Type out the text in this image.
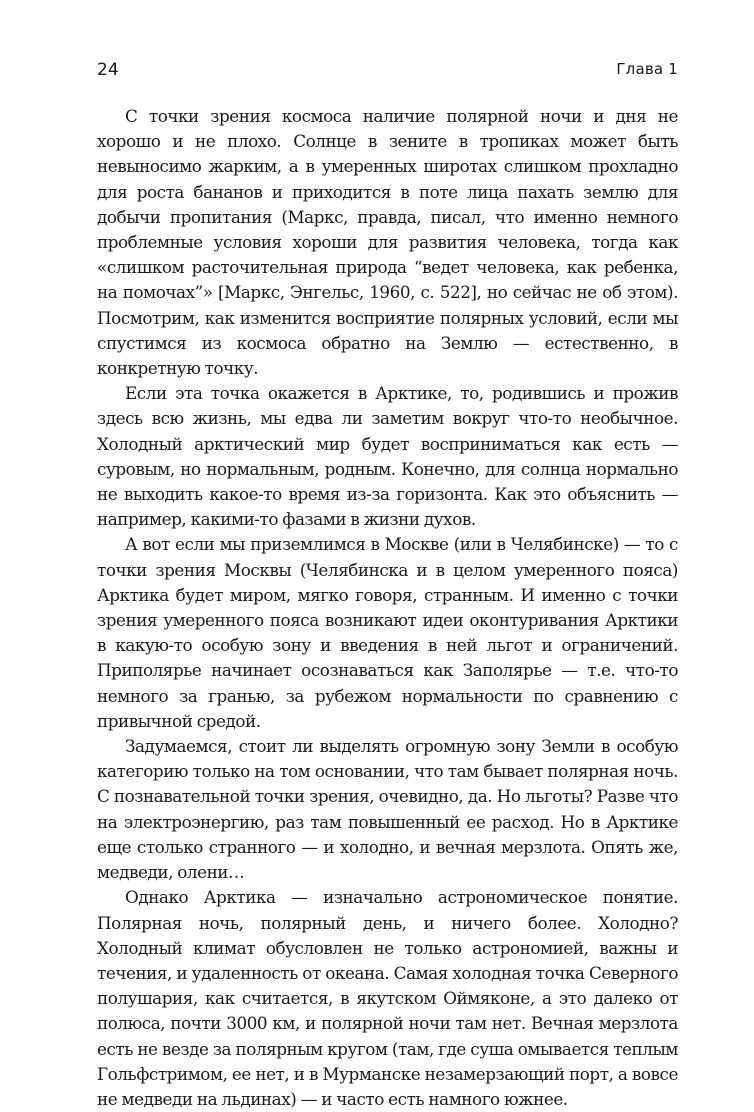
24	Глава 1

С точки зрения космоса наличие полярной ночи и дня не хорошо и не плохо. Солнце в зените в тропиках может быть невыносимо жарким, а в умеренных широтах слишком прохладно для роста бананов и приходится в поте лица пахать землю для добычи пропитания (Маркс, правда, писал, что именно немного проблемные условия хороши для развития человека, тогда как «слишком расточительная природа “ведет человека, как ребенка, на помочах”» [Маркс, Энгельс, 1960, с. 522], но сейчас не об этом). Посмотрим, как изменится восприятие полярных условий, если мы спустимся из космоса обратно на Землю — естественно, в конкретную точку.

Если эта точка окажется в Арктике, то, родившись и прожив здесь всю жизнь, мы едва ли заметим вокруг что-то необычное. Холодный арктический мир будет восприниматься как есть — суровым, но нормальным, родным. Конечно, для солнца нормально не выходить какое-то время из-за горизонта. Как это объяснить — например, какими-то фазами в жизни духов.

А вот если мы приземлимся в Москве (или в Челябинске) — то с точки зрения Москвы (Челябинска и в целом умеренного пояса) Арктика будет миром, мягко говоря, странным. И именно с точки зрения умеренного пояса возникают идеи оконтуривания Арктики в какую-то особую зону и введения в ней льгот и ограничений. Приполярье начинает осознаваться как Заполярье — т.е. что-то немного за гранью, за рубежом нормальности по сравнению с привычной средой.

Задумаемся, стоит ли выделять огромную зону Земли в особую категорию только на том основании, что там бывает полярная ночь. С познавательной точки зрения, очевидно, да. Но льготы? Разве что на электроэнергию, раз там повышенный ее расход. Но в Арктике еще столько странного — и холодно, и вечная мерзлота. Опять же, медведи, олени…

Однако Арктика — изначально астрономическое понятие. Полярная ночь, полярный день, и ничего более. Холодно? Холодный климат обусловлен не только астрономией, важны и течения, и удаленность от океана. Самая холодная точка Северного полушария, как считается, в якутском Оймяконе, а это далеко от полюса, почти 3000 км, и полярной ночи там нет. Вечная мерзлота есть не везде за полярным кругом (там, где суша омывается теплым Гольфстримом, ее нет, и в Мурманске незамерзающий порт, а вовсе не медведи на льдинах) — и часто есть намного южнее.
